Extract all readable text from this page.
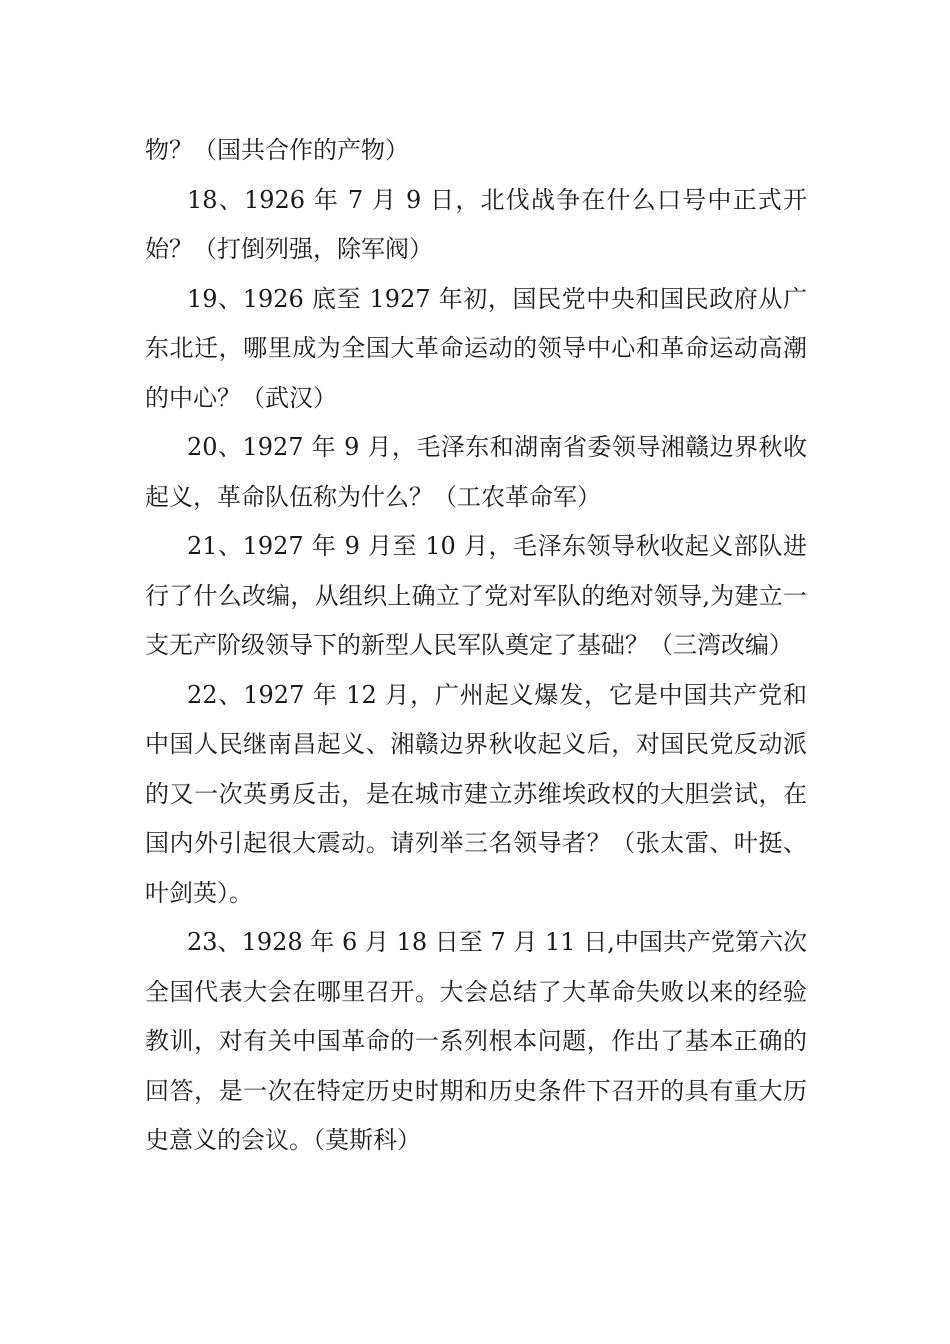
物？（国共合作的产物）

18、1926 年 7 月 9 日，北伐战争在什么口号中正式开始？（打倒列强，除军阀）

19、1926 底至 1927 年初，国民党中央和国民政府从广东北迁，哪里成为全国大革命运动的领导中心和革命运动高潮的中心？（武汉）

20、1927 年 9 月，毛泽东和湖南省委领导湘赣边界秋收起义，革命队伍称为什么？（工农革命军）

21、1927 年 9 月至 10 月，毛泽东领导秋收起义部队进行了什么改编，从组织上确立了党对军队的绝对领导,为建立一支无产阶级领导下的新型人民军队奠定了基础？（三湾改编）

22、1927 年 12 月，广州起义爆发，它是中国共产党和中国人民继南昌起义、湘赣边界秋收起义后，对国民党反动派的又一次英勇反击，是在城市建立苏维埃政权的大胆尝试，在国内外引起很大震动。请列举三名领导者？（张太雷、叶挺、叶剑英）。

23、1928 年 6 月 18 日至 7 月 11 日,中国共产党第六次全国代表大会在哪里召开。大会总结了大革命失败以来的经验教训，对有关中国革命的一系列根本问题，作出了基本正确的回答，是一次在特定历史时期和历史条件下召开的具有重大历史意义的会议。（莫斯科）
